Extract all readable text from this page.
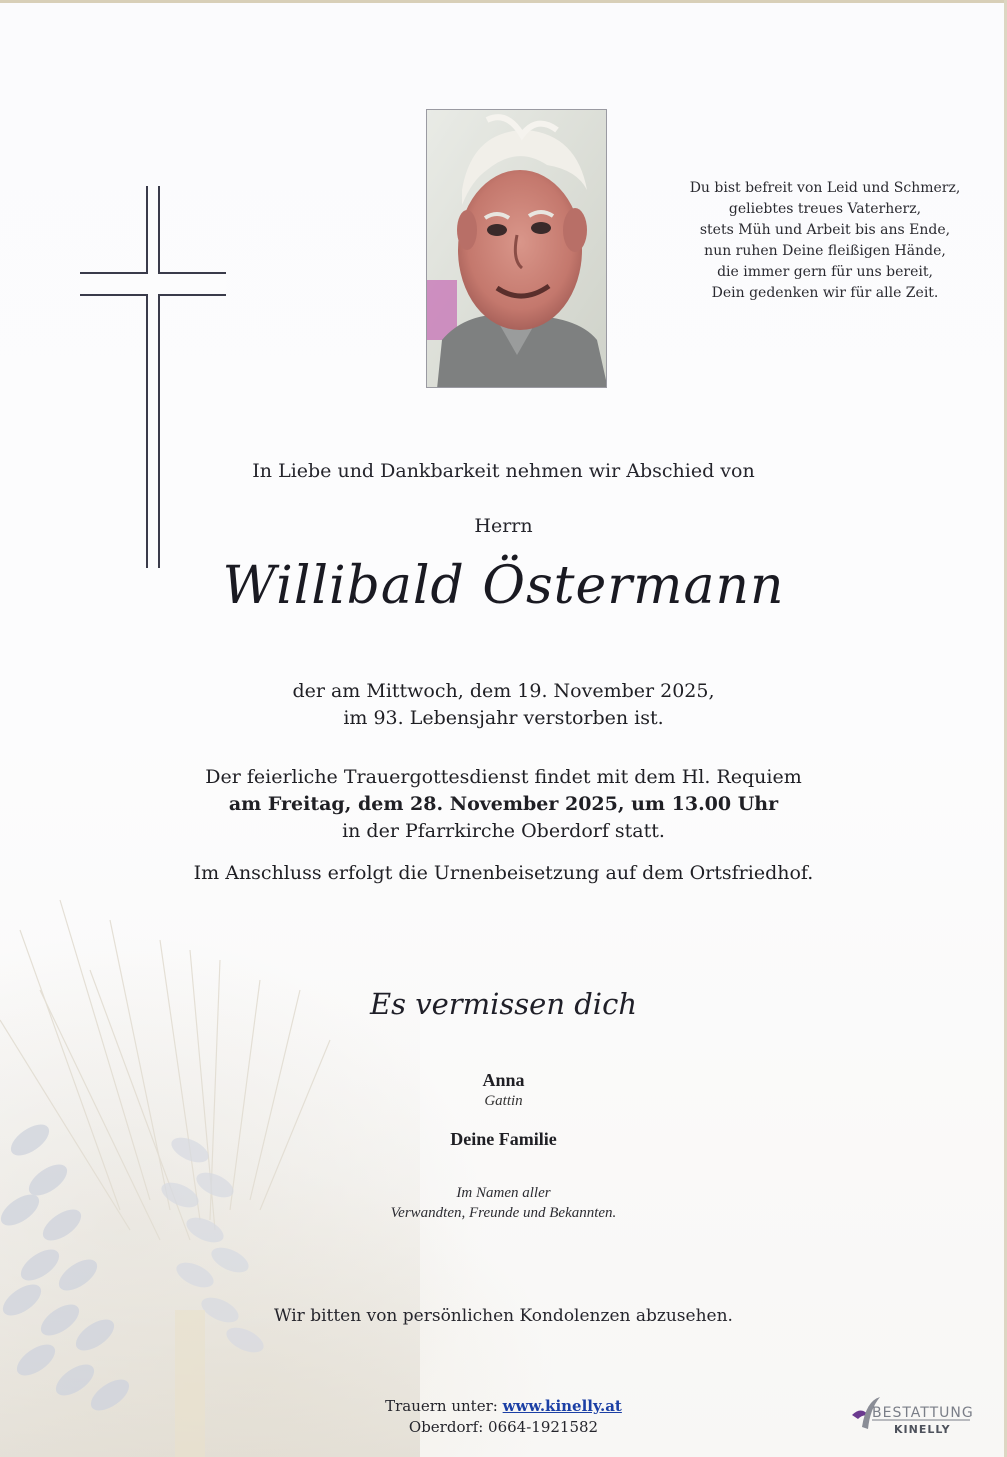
Du bist befreit von Leid und Schmerz,
geliebtes treues Vaterherz,
stets Müh und Arbeit bis ans Ende,
nun ruhen Deine fleißigen Hände,
die immer gern für uns bereit,
Dein gedenken wir für alle Zeit.
In Liebe und Dankbarkeit nehmen wir Abschied von
Herrn
Willibald Östermann
der am Mittwoch, dem 19. November 2025,
im 93. Lebensjahr verstorben ist.
Der feierliche Trauergottesdienst findet mit dem Hl. Requiem
am Freitag, dem 28. November 2025, um 13.00 Uhr
in der Pfarrkirche Oberdorf statt.
Im Anschluss erfolgt die Urnenbeisetzung auf dem Ortsfriedhof.
Es vermissen dich
Anna
Gattin
Deine Familie
Im Namen aller
Verwandten, Freunde und Bekannten.
Wir bitten von persönlichen Kondolenzen abzusehen.
Trauern unter: www.kinelly.at
Oberdorf: 0664-1921582
BESTATTUNG
KINELLY
